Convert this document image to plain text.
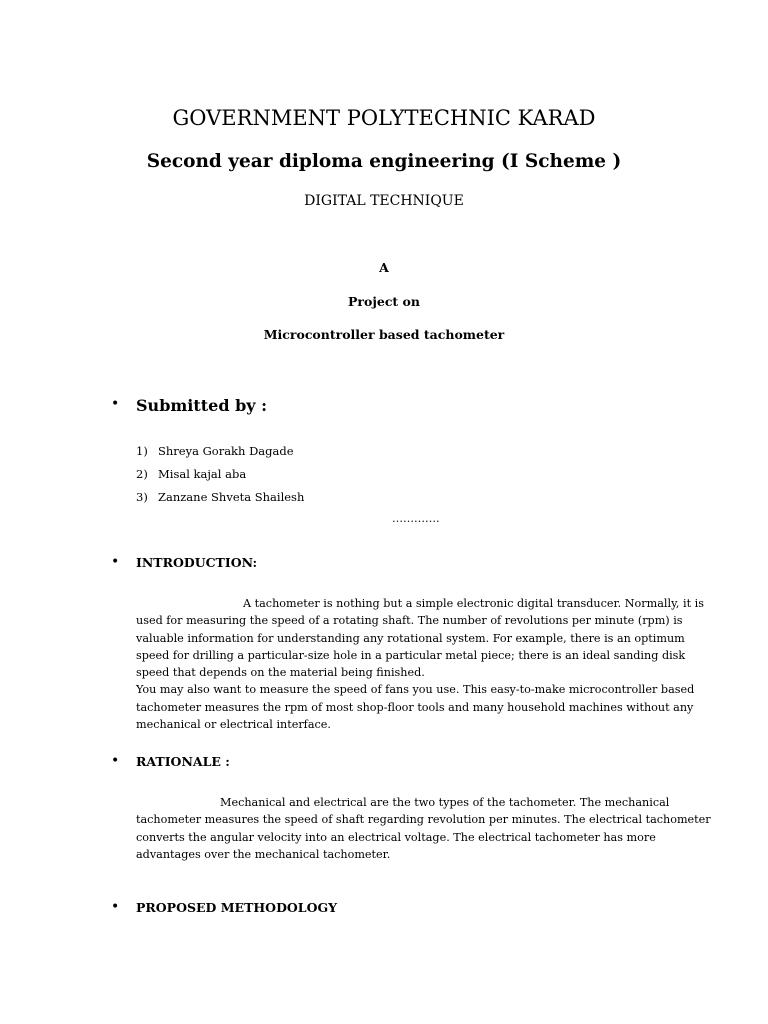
GOVERNMENT POLYTECHNIC KARAD
Second year diploma engineering (I Scheme )
DIGITAL TECHNIQUE
A
Project on
Microcontroller based tachometer
• Submitted by :
1) Shreya Gorakh Dagade
2) Misal kajal aba
3) Zanzane Shveta Shailesh
………….
• INTRODUCTION:

A tachometer is nothing but a simple electronic digital transducer. Normally, it is

used for measuring the speed of a rotating shaft. The number of revolutions per minute (rpm) is

valuable information for understanding any rotational system. For example, there is an optimum

speed for drilling a particular-size hole in a particular metal piece; there is an ideal sanding disk

speed that depends on the material being finished.

You may also want to measure the speed of fans you use. This easy-to-make microcontroller based

tachometer measures the rpm of most shop-floor tools and many household machines without any

mechanical or electrical interface.

• RATIONALE :

Mechanical and electrical are the two types of the tachometer. The mechanical

tachometer measures the speed of shaft regarding revolution per minutes. The electrical tachometer

converts the angular velocity into an electrical voltage. The electrical tachometer has more

advantages over the mechanical tachometer.

• PROPOSED METHODOLOGY
